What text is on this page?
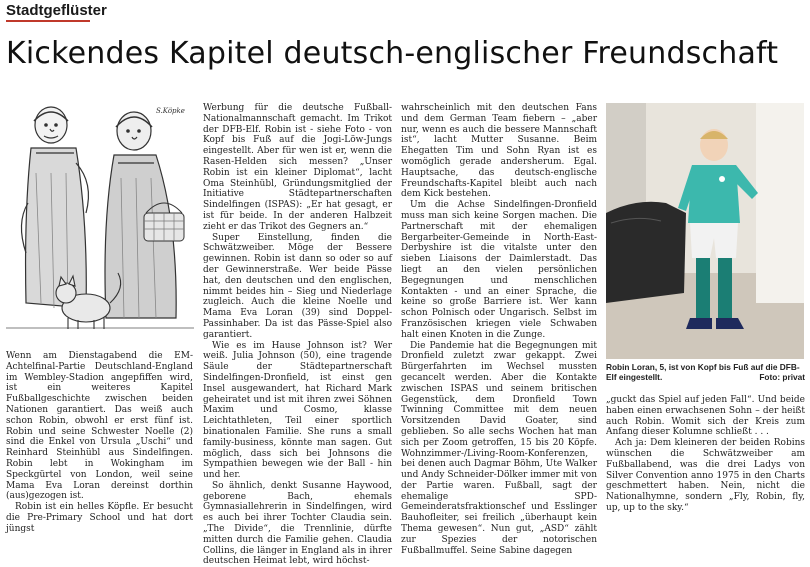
Stadtgeflüster
Kickendes Kapitel deutsch-englischer Freundschaft
S.Köpke
Robin Loran, 5, ist von Kopf bis Fuß auf die DFB-Elf eingestellt.	Foto: privat

Wenn am Dienstagabend die EM-Achtelfinal-Partie Deutschland-England im Wembley-Stadion angepfiffen wird, ist ein weiteres Kapitel Fußballgeschichte zwischen beiden Nationen garantiert. Das weiß auch schon Robin, obwohl er erst fünf ist. Robin und seine Schwester Noelle (2) sind die Enkel von Ursula „Uschi“ und Reinhard Steinhübl aus Sindelfingen. Robin lebt in Wokingham im Speckgürtel von London, weil seine Mama Eva Loran dereinst dorthin (aus)gezogen ist.

Robin ist ein helles Köpfle. Er besucht die Pre-Primary School und hat dort jüngst

Werbung für die deutsche Fußball-Nationalmannschaft gemacht. Im Trikot der DFB-Elf. Robin ist - siehe Foto - von Kopf bis Fuß auf die Jogi-Löw-Jungs eingestellt. Aber für wen ist er, wenn die Rasen-Helden sich messen? „Unser Robin ist ein kleiner Diplomat“, lacht Oma Steinhübl, Gründungsmitglied der Initiative Städtepartnerschaften Sindelfingen (ISPAS): „Er hat gesagt, er ist für beide. In der anderen Halbzeit zieht er das Trikot des Gegners an.“

Super Einstellung, finden die Schwätzweiber. Möge der Bessere gewinnen. Robin ist dann so oder so auf der Gewinnerstraße. Wer beide Pässe hat, den deutschen und den englischen, nimmt beides hin – Sieg und Niederlage zugleich. Auch die kleine Noelle und Mama Eva Loran (39) sind Doppel-Passinhaber. Da ist das Pässe-Spiel also garantiert.

Wie es im Hause Johnson ist? Wer weiß. Julia Johnson (50), eine tragende Säule der Städtepartnerschaft Sindelfingen-Dronfield, ist einst gen Insel ausgewandert, hat Richard Mark geheiratet und ist mit ihren zwei Söhnen Maxim und Cosmo, klasse Leichtathleten, Teil einer sportlich binationalen Familie. She runs a small family-business, könnte man sagen. Gut möglich, dass sich bei Johnsons die Sympathien bewegen wie der Ball - hin und her.

So ähnlich, denkt Susanne Haywood, geborene Bach, ehemals Gymnasiallehrerin in Sindelfingen, wird es auch bei ihrer Tochter Claudia sein. „The Divide“, die Trennlinie, dürfte mitten durch die Familie gehen. Claudia Collins, die länger in England als in ihrer deutschen Heimat lebt, wird höchst-

wahrscheinlich mit den deutschen Fans und dem German Team fiebern – „aber nur, wenn es auch die bessere Mannschaft ist“, lacht Mutter Susanne. Beim Ehegatten Tim und Sohn Ryan ist es womöglich gerade andersherum. Egal. Hauptsache, das deutsch-englische Freundschafts-Kapitel bleibt auch nach dem Kick bestehen.

Um die Achse Sindelfingen-Dronfield muss man sich keine Sorgen machen. Die Partnerschaft mit der ehemaligen Bergarbeiter-Gemeinde in North-East-Derbyshire ist die vitalste unter den sieben Liaisons der Daimlerstadt. Das liegt an den vielen persönlichen Begegnungen und menschlichen Kontakten - und an einer Sprache, die keine so große Barriere ist. Wer kann schon Polnisch oder Ungarisch. Selbst im Französischen kriegen viele Schwaben halt einen Knoten in die Zunge.

Die Pandemie hat die Begegnungen mit Dronfield zuletzt zwar gekappt. Zwei Bürgerfahrten im Wechsel mussten gecancelt werden. Aber die Kontakte zwischen ISPAS und seinem britischen Gegenstück, dem Dronfield Town Twinning Committee mit dem neuen Vorsitzenden David Goater, sind geblieben. So alle sechs Wochen hat man sich per Zoom getroffen, 15 bis 20 Köpfe. Wohnzimmer-/Living-Room-Konferenzen, bei denen auch Dagmar Böhm, Ute Walker und Andy Schneider-Dölker immer mit von der Partie waren. Fußball, sagt der ehemalige SPD-Gemeinderatsfraktionschef und Esslinger Bauhofleiter, sei freilich „überhaupt kein Thema gewesen“. Nun gut, „ASD“ zählt zur Spezies der notorischen Fußballmuffel. Seine Sabine dagegen

„guckt das Spiel auf jeden Fall“. Und beide haben einen erwachsenen Sohn – der heißt auch Robin. Womit sich der Kreis zum Anfang dieser Kolumne schließt . . .

Ach ja: Dem kleineren der beiden Robins wünschen die Schwätzweiber am Fußballabend, was die drei Ladys von Silver Convention anno 1975 in den Charts geschmettert haben. Nein, nicht die Nationalhymne, sondern „Fly, Robin, fly, up, up to the sky.“
